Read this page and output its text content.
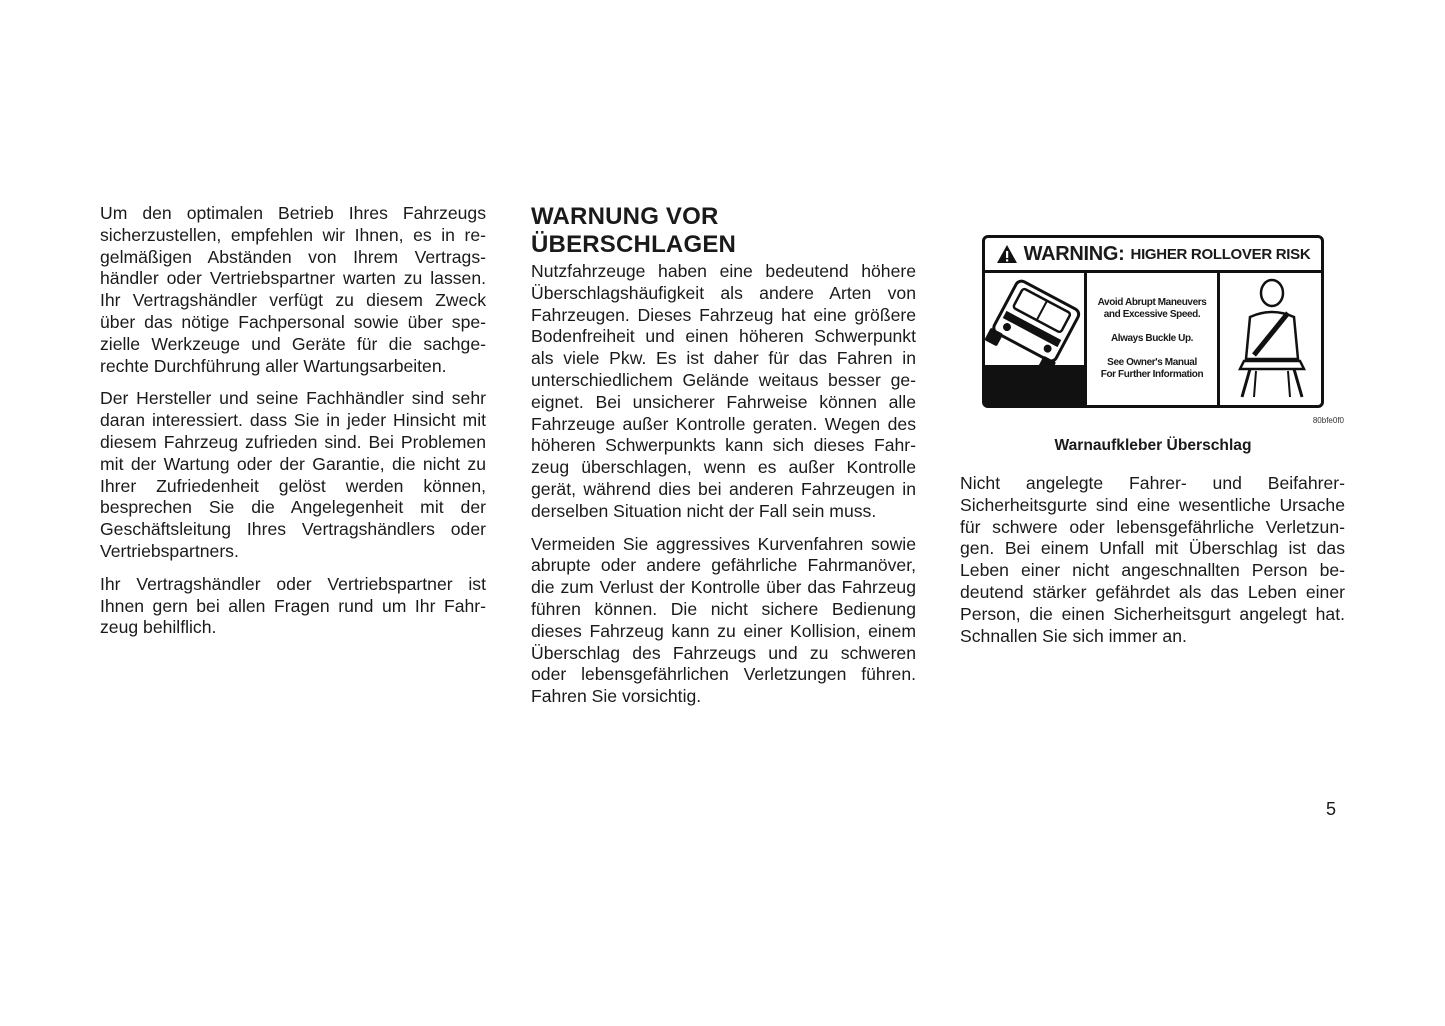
Um den optimalen Betrieb Ihres Fahrzeugs sicherzustellen, empfehlen wir Ihnen, es in regelmäßigen Abständen von Ihrem Vertragshändler oder Vertriebspartner warten zu lassen. Ihr Vertragshändler verfügt zu diesem Zweck über das nötige Fachpersonal sowie über spezielle Werkzeuge und Geräte für die sachgerechte Durchführung aller Wartungsarbeiten.

Der Hersteller und seine Fachhändler sind sehr daran interessiert. dass Sie in jeder Hinsicht mit diesem Fahrzeug zufrieden sind. Bei Problemen mit der Wartung oder der Garantie, die nicht zu Ihrer Zufriedenheit gelöst werden können, besprechen Sie die Angelegenheit mit der Geschäftsleitung Ihres Vertragshändlers oder Vertriebspartners.

Ihr Vertragshändler oder Vertriebspartner ist Ihnen gern bei allen Fragen rund um Ihr Fahrzeug behilflich.

WARNUNG VOR
ÜBERSCHLAGEN

Nutzfahrzeuge haben eine bedeutend höhere Überschlagshäufigkeit als andere Arten von Fahrzeugen. Dieses Fahrzeug hat eine größere Bodenfreiheit und einen höheren Schwerpunkt als viele Pkw. Es ist daher für das Fahren in unterschiedlichem Gelände weitaus besser geeignet. Bei unsicherer Fahrweise können alle Fahrzeuge außer Kontrolle geraten. Wegen des höheren Schwerpunkts kann sich dieses Fahrzeug überschlagen, wenn es außer Kontrolle gerät, während dies bei anderen Fahrzeugen in derselben Situation nicht der Fall sein muss.

Vermeiden Sie aggressives Kurvenfahren sowie abrupte oder andere gefährliche Fahrmanöver, die zum Verlust der Kontrolle über das Fahrzeug führen können. Die nicht sichere Bedienung dieses Fahrzeug kann zu einer Kollision, einem Überschlag des Fahrzeugs und zu schweren oder lebensgefährlichen Verletzungen führen. Fahren Sie vorsichtig.

WARNING: HIGHER ROLLOVER RISK
Avoid Abrupt Maneuvers
and Excessive Speed.
Always Buckle Up.
See Owner's Manual
For Further Information
80bfe0f0
Warnaufkleber Überschlag

Nicht angelegte Fahrer- und Beifahrer-Sicherheitsgurte sind eine wesentliche Ursache für schwere oder lebensgefährliche Verletzungen. Bei einem Unfall mit Überschlag ist das Leben einer nicht angeschnallten Person bedeutend stärker gefährdet als das Leben einer Person, die einen Sicherheitsgurt angelegt hat. Schnallen Sie sich immer an.

5
